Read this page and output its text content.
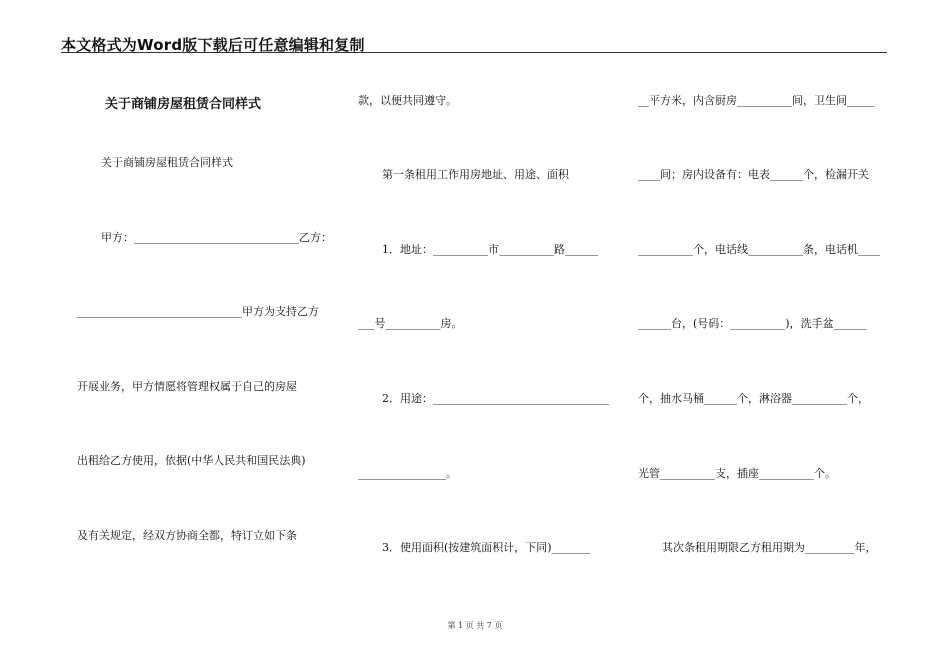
本文格式为Word版下载后可任意编辑和复制
关于商铺房屋租赁合同样式
关于商铺房屋租赁合同样式
甲方：______________________________乙方：
______________________________甲方为支持乙方
开展业务，甲方情愿将管理权属于自己的房屋
出租给乙方使用，依据(中华人民共和国民法典)
及有关规定，经双方协商全都，特订立如下条
款，以便共同遵守。
第一条租用工作用房地址、用途、面积
1．地址：__________市__________路______
___号__________房。
2．用途：________________________________
________________。
3．使用面积(按建筑面积计，下同)_______
__平方米，内含厨房__________间，卫生间_____
____间；房内设备有：电表______个，检漏开关
__________个，电话线__________条，电话机____
______台，(号码：__________)，洗手盆______
个，抽水马桶______个，淋浴器__________个，
光管__________支，插座__________个。
其次条租用期限乙方租用期为_________年，
第 1 页 共 7 页
